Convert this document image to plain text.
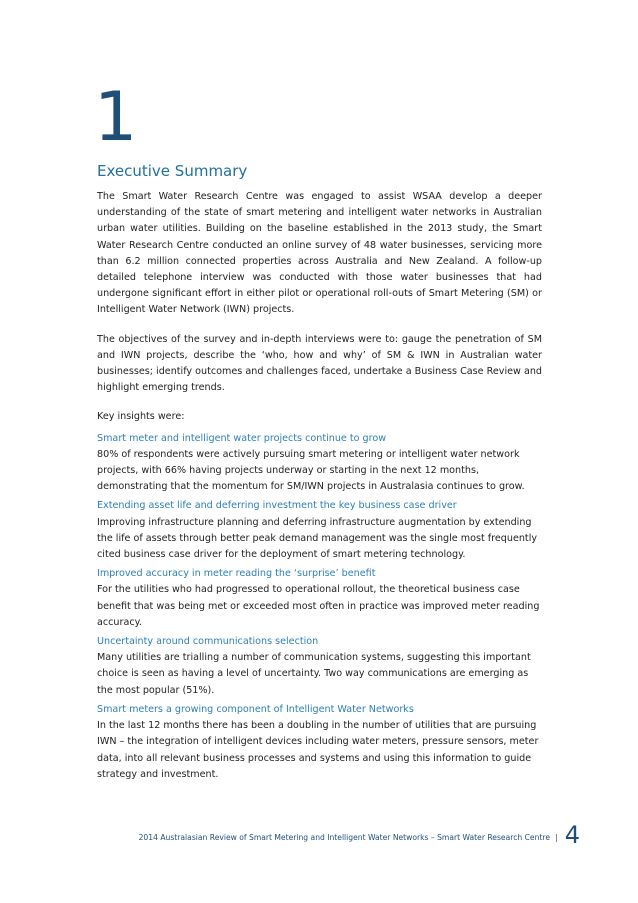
1
Executive Summary

The Smart Water Research Centre was engaged to assist WSAA develop a deeper understanding of the state of smart metering and intelligent water networks in Australian urban water utilities. Building on the baseline established in the 2013 study, the Smart Water Research Centre conducted an online survey of 48 water businesses, servicing more than 6.2 million connected properties across Australia and New Zealand. A follow-up detailed telephone interview was conducted with those water businesses that had undergone significant effort in either pilot or operational roll-outs of Smart Metering (SM) or Intelligent Water Network (IWN) projects.

The objectives of the survey and in-depth interviews were to: gauge the penetration of SM and IWN projects, describe the ‘who, how and why’ of SM & IWN in Australian water businesses; identify outcomes and challenges faced, undertake a Business Case Review and highlight emerging trends.

Key insights were:

Smart meter and intelligent water projects continue to grow
80% of respondents were actively pursuing smart metering or intelligent water network projects, with 66% having projects underway or starting in the next 12 months, demonstrating that the momentum for SM/IWN projects in Australasia continues to grow.
Extending asset life and deferring investment the key business case driver
Improving infrastructure planning and deferring infrastructure augmentation by extending the life of assets through better peak demand management was the single most frequently cited business case driver for the deployment of smart metering technology.
Improved accuracy in meter reading the ‘surprise’ benefit
For the utilities who had progressed to operational rollout, the theoretical business case benefit that was being met or exceeded most often in practice was improved meter reading accuracy.
Uncertainty around communications selection
Many utilities are trialling a number of communication systems, suggesting this important choice is seen as having a level of uncertainty. Two way communications are emerging as the most popular (51%).
Smart meters a growing component of Intelligent Water Networks
In the last 12 months there has been a doubling in the number of utilities that are pursuing IWN – the integration of intelligent devices including water meters, pressure sensors, meter data, into all relevant business processes and systems and using this information to guide strategy and investment.
2014 Australasian Review of Smart Metering and Intelligent Water Networks – Smart Water Research Centre | 4
